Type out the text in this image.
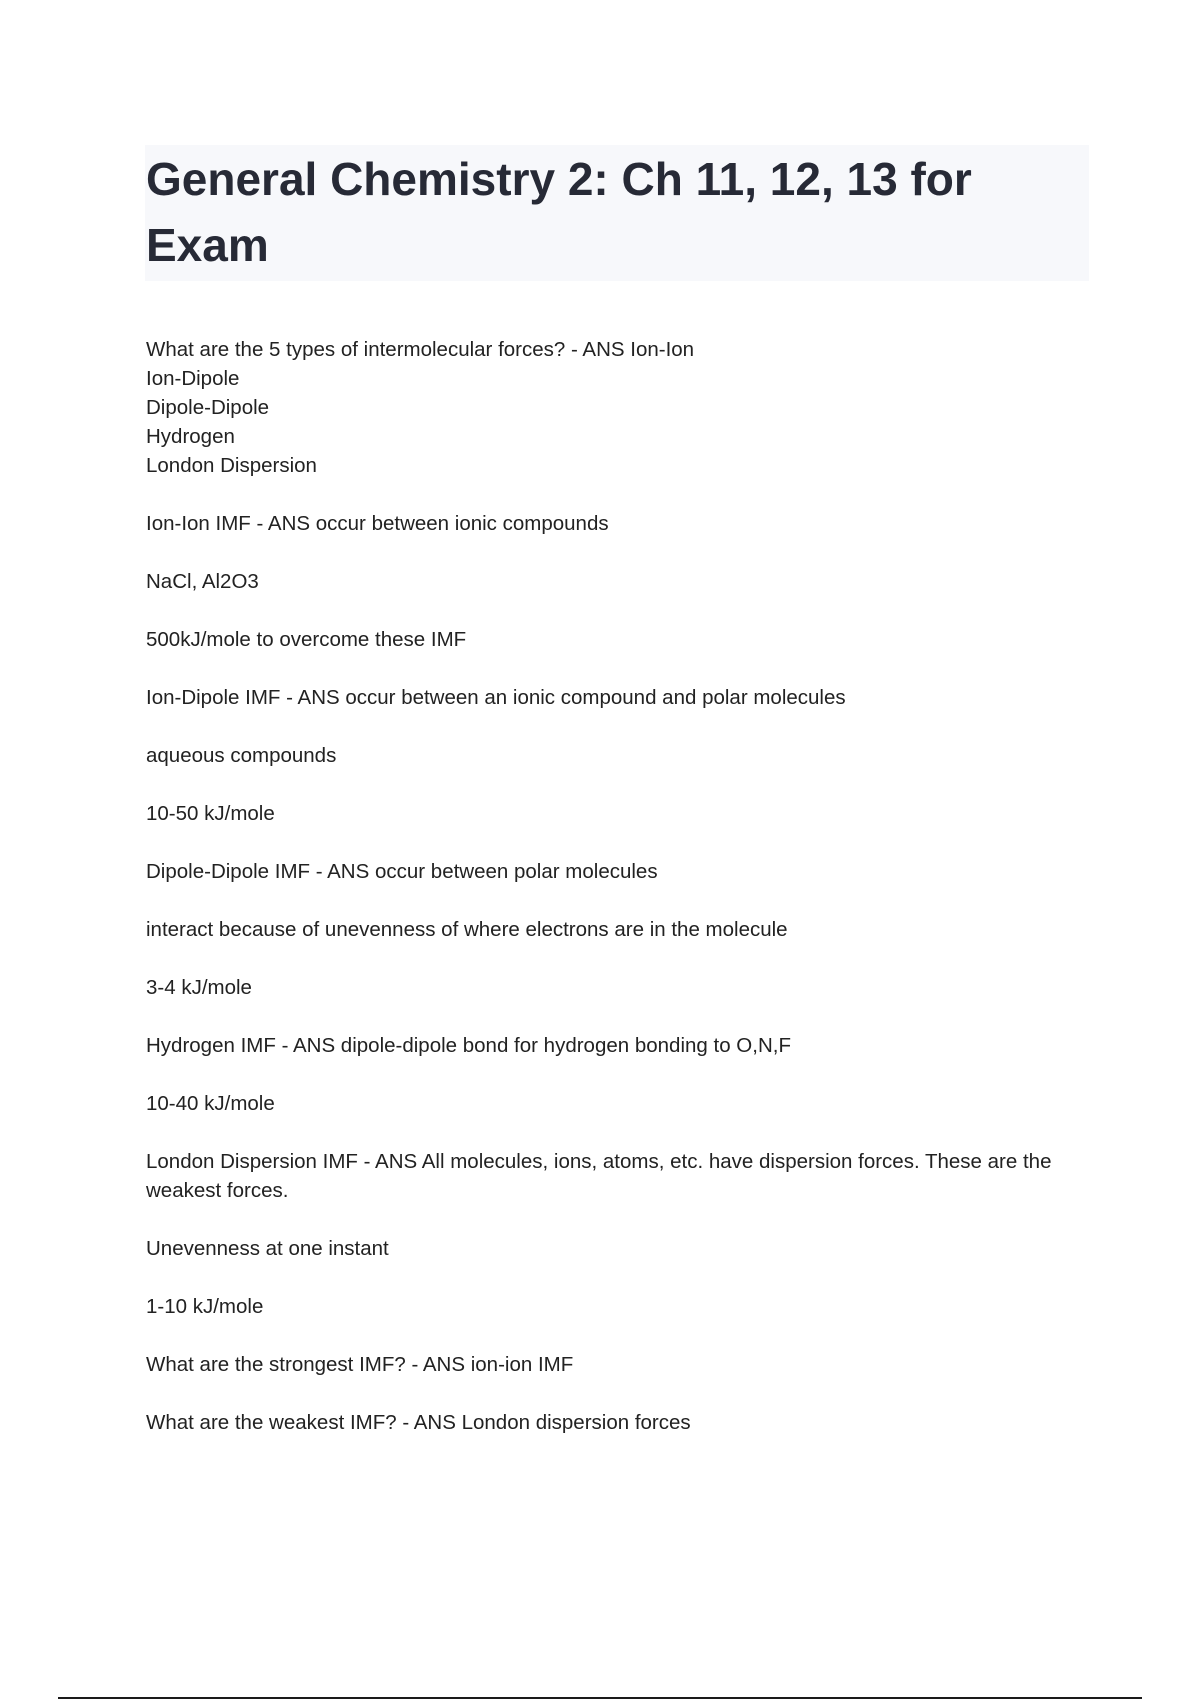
General Chemistry 2: Ch 11, 12, 13 for Exam

What are the 5 types of intermolecular forces? - ANS Ion-Ion
Ion-Dipole
Dipole-Dipole
Hydrogen
London Dispersion

Ion-Ion IMF - ANS occur between ionic compounds

NaCl, Al2O3

500kJ/mole to overcome these IMF

Ion-Dipole IMF - ANS occur between an ionic compound and polar molecules

aqueous compounds

10-50 kJ/mole

Dipole-Dipole IMF - ANS occur between polar molecules

interact because of unevenness of where electrons are in the molecule

3-4 kJ/mole

Hydrogen IMF - ANS dipole-dipole bond for hydrogen bonding to O,N,F

10-40 kJ/mole

London Dispersion IMF - ANS All molecules, ions, atoms, etc. have dispersion forces. These are the weakest forces.

Unevenness at one instant

1-10 kJ/mole

What are the strongest IMF? - ANS ion-ion IMF

What are the weakest IMF? - ANS London dispersion forces
